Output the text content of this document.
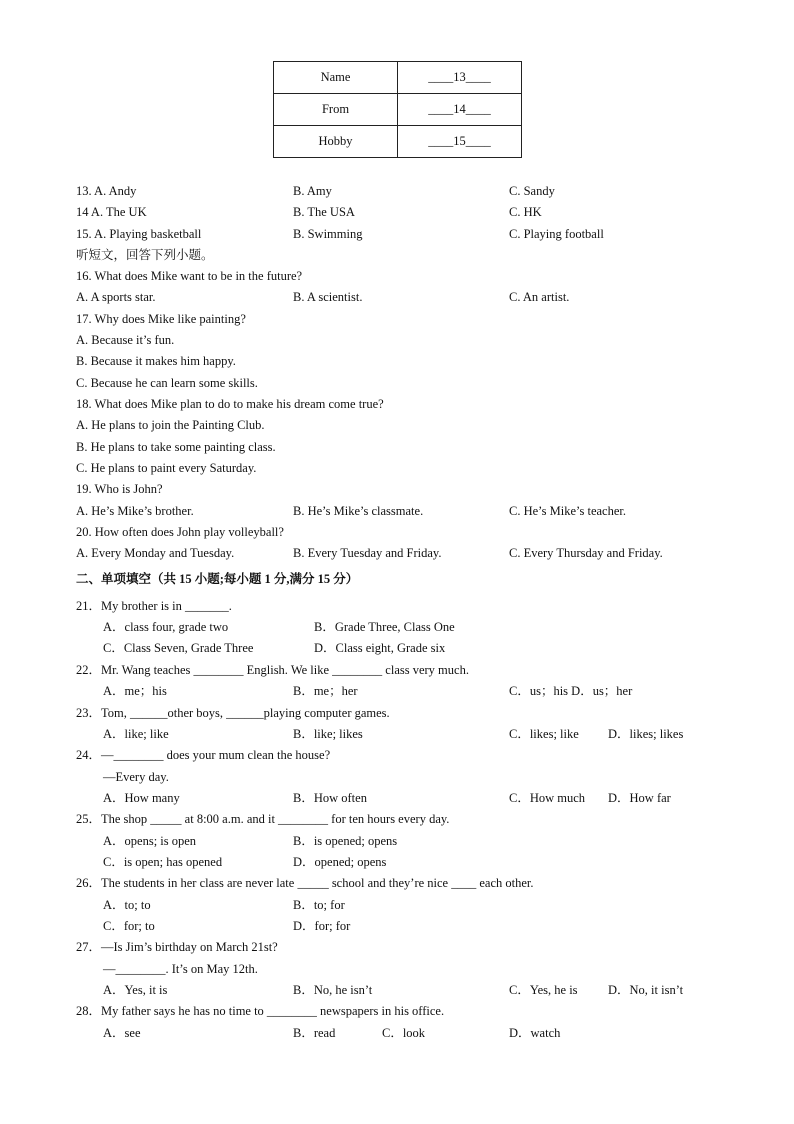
Name	____13____
From	____14____
Hobby	____15____
13. A. Andy	B. Amy	C. Sandy
14 A. The UK	B. The USA	C. HK
15. A. Playing basketball	B. Swimming	C. Playing football
听短文，回答下列小题。
16. What does Mike want to be in the future?
A. A sports star.	B. A scientist.	C. An artist.
17. Why does Mike like painting?
A. Because it’s fun.
B. Because it makes him happy.
C. Because he can learn some skills.
18. What does Mike plan to do to make his dream come true?
A. He plans to join the Painting Club.
B. He plans to take some painting class.
C. He plans to paint every Saturday.
19. Who is John?
A. He’s Mike’s brother.	B. He’s Mike’s classmate.	C. He’s Mike’s teacher.
20. How often does John play volleyball?
A. Every Monday and Tuesday.	B. Every Tuesday and Friday.	C. Every Thursday and Friday.
二、单项填空（共 15 小题;每小题 1 分,满分 15 分）
21．My brother is in _______.
A．class four, grade two	B．Grade Three, Class One
C．Class Seven, Grade Three	D．Class eight, Grade six
22．Mr. Wang teaches ________ English. We like ________ class very much.
A．me；his	B．me；her	C．us；his D．us；her
23．Tom, ______other boys, ______playing computer games.
A．like; like	B．like; likes	C．likes; like D．likes; likes
24．—________ does your mum clean the house?
—Every day.
A．How many	B．How often	C．How much D．How far
25．The shop _____ at 8:00 a.m. and it ________ for ten hours every day.
A．opens; is open	B．is opened; opens
C．is open; has opened	D．opened; opens
26．The students in her class are never late _____ school and they’re nice ____ each other.
A．to; to	B．to; for
C．for; to	D．for; for
27．—Is Jim’s birthday on March 21st?
—________. It’s on May 12th.
A．Yes, it is	B．No, he isn’t	C．Yes, he is D．No, it isn’t
28．My father says he has no time to ________ newspapers in his office.
A．see	B．read	C．look	D．watch
